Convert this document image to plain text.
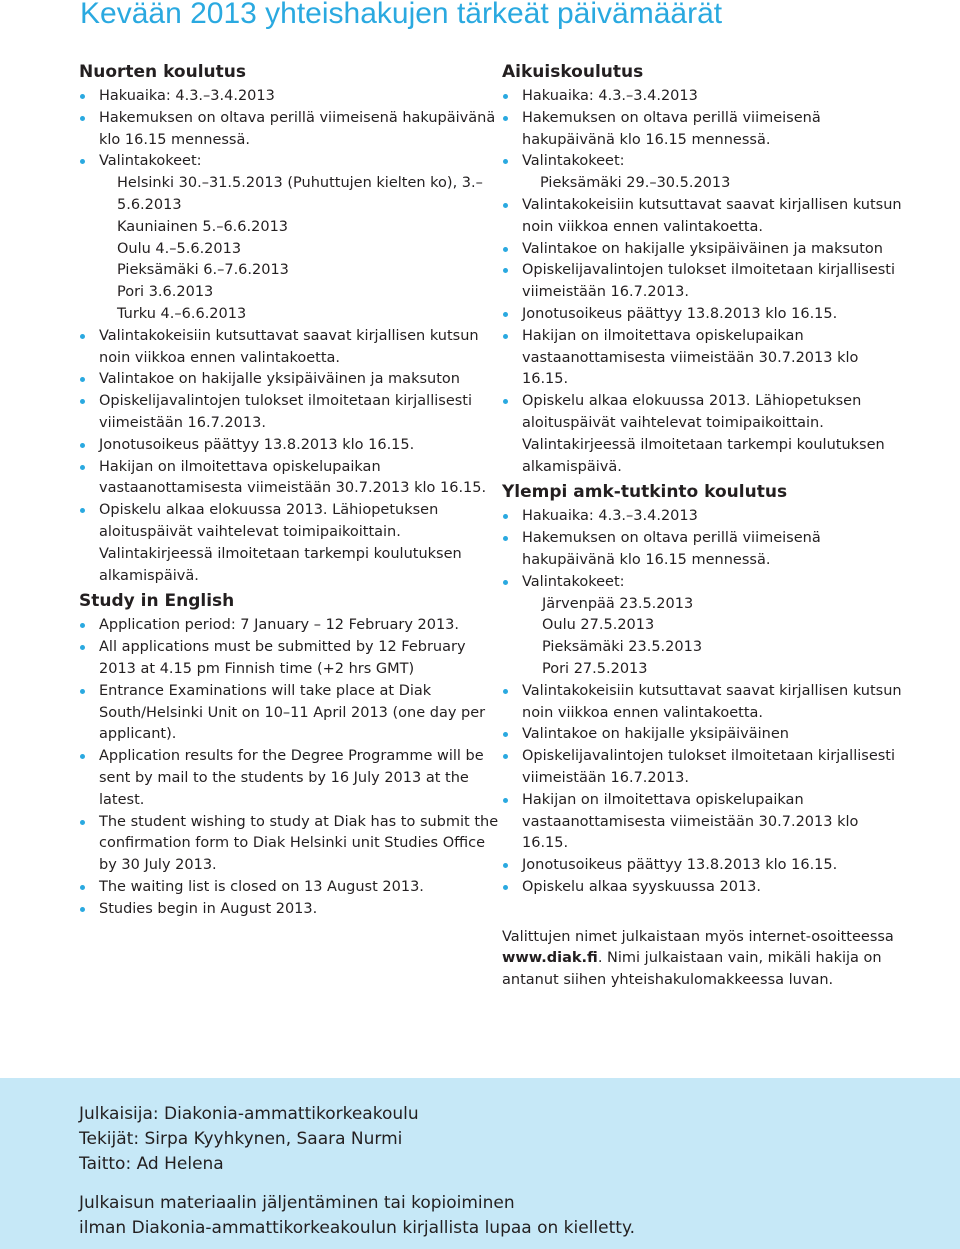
Kevään 2013 yhteishakujen tärkeät päivämäärät
Nuorten koulutus
Hakuaika: 4.3.–3.4.2013
Hakemuksen on oltava perillä viimeisenä hakupäivänä klo 16.15 mennessä.
Valintakokeet:
Helsinki 30.–31.5.2013 (Puhuttujen kielten ko), 3.–5.6.2013
Kauniainen 5.–6.6.2013
Oulu 4.–5.6.2013
Pieksämäki 6.–7.6.2013
Pori 3.6.2013
Turku 4.–6.6.2013
Valintakokeisiin kutsuttavat saavat kirjallisen kutsun noin viikkoa ennen valintakoetta.
Valintakoe on hakijalle yksipäiväinen ja maksuton
Opiskelijavalintojen tulokset ilmoitetaan kirjallisesti viimeistään 16.7.2013.
Jonotusoikeus päättyy 13.8.2013 klo 16.15.
Hakijan on ilmoitettava opiskelupaikan vastaanottamisesta viimeistään 30.7.2013 klo 16.15.
Opiskelu alkaa elokuussa 2013. Lähiopetuksen aloituspäivät vaihtelevat toimipaikoittain. Valintakirjeessä ilmoitetaan tarkempi koulutuksen alkamispäivä.
Study in English
Application period: 7 January – 12 February 2013.
All applications must be submitted by 12 February 2013 at 4.15 pm Finnish time (+2 hrs GMT)
Entrance Examinations will take place at Diak South/Helsinki Unit on 10–11 April 2013 (one day per applicant).
Application results for the Degree Programme will be sent by mail to the students by 16 July 2013 at the latest.
The student wishing to study at Diak has to submit the confirmation form to Diak Helsinki unit Studies Office by 30 July 2013.
The waiting list is closed on 13 August 2013.
Studies begin in August 2013.
Aikuiskoulutus
Hakuaika: 4.3.–3.4.2013
Hakemuksen on oltava perillä viimeisenä hakupäivänä klo 16.15 mennessä.
Valintakokeet:
Pieksämäki 29.–30.5.2013
Valintakokeisiin kutsuttavat saavat kirjallisen kutsun noin viikkoa ennen valintakoetta.
Valintakoe on hakijalle yksipäiväinen ja maksuton
Opiskelijavalintojen tulokset ilmoitetaan kirjallisesti viimeistään 16.7.2013.
Jonotusoikeus päättyy 13.8.2013 klo 16.15.
Hakijan on ilmoitettava opiskelupaikan vastaanottamisesta viimeistään 30.7.2013 klo 16.15.
Opiskelu alkaa elokuussa 2013. Lähiopetuksen aloituspäivät vaihtelevat toimipaikoittain. Valintakirjeessä ilmoitetaan tarkempi koulutuksen alkamispäivä.
Ylempi amk-tutkinto koulutus
Hakuaika: 4.3.–3.4.2013
Hakemuksen on oltava perillä viimeisenä hakupäivänä klo 16.15 mennessä.
Valintakokeet:
Järvenpää 23.5.2013
Oulu 27.5.2013
Pieksämäki 23.5.2013
Pori 27.5.2013
Valintakokeisiin kutsuttavat saavat kirjallisen kutsun noin viikkoa ennen valintakoetta.
Valintakoe on hakijalle yksipäiväinen
Opiskelijavalintojen tulokset ilmoitetaan kirjallisesti viimeistään 16.7.2013.
Hakijan on ilmoitettava opiskelupaikan vastaanottamisesta viimeistään 30.7.2013 klo 16.15.
Jonotusoikeus päättyy 13.8.2013 klo 16.15.
Opiskelu alkaa syyskuussa 2013.

Valittujen nimet julkaistaan myös internet-osoitteessa www.diak.fi. Nimi julkaistaan vain, mikäli hakija on antanut siihen yhteishakulomakkeessa luvan.

Julkaisija: Diakonia-ammattikorkeakoulu
Tekijät: Sirpa Kyyhkynen, Saara Nurmi
Taitto: Ad Helena
Julkaisun materiaalin jäljentäminen tai kopioiminen
ilman Diakonia-ammattikorkeakoulun kirjallista lupaa on kielletty.
